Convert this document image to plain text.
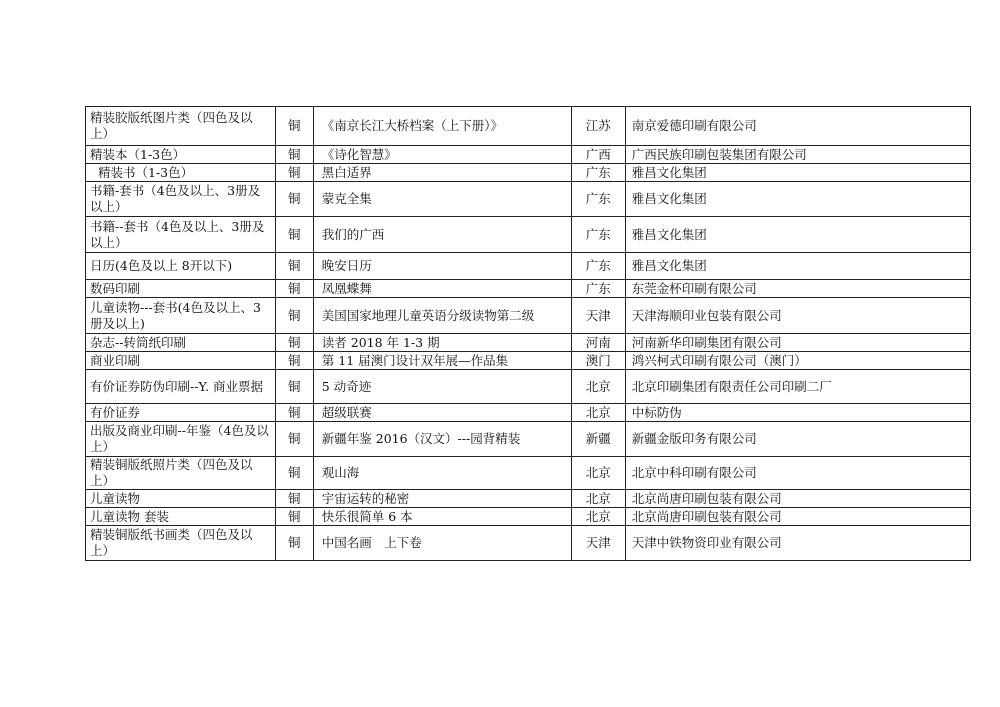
精装胶版纸图片类（四色及以上）	铜	《南京长江大桥档案（上下册）》	江苏	南京爱德印刷有限公司
精装本（1-3色）	铜	《诗化智慧》	广西	广西民族印刷包装集团有限公司
精装书（1-3色）	铜	黑白适界	广东	雅昌文化集团
书籍-套书（4色及以上、3册及以上）	铜	蒙克全集	广东	雅昌文化集团
书籍--套书（4色及以上、3册及以上）	铜	我们的广西	广东	雅昌文化集团
日历(4色及以上 8开以下)	铜	晚安日历	广东	雅昌文化集团
数码印刷	铜	凤凰蝶舞	广东	东莞金杯印刷有限公司
儿童读物---套书(4色及以上、3册及以上)	铜	美国国家地理儿童英语分级读物第二级	天津	天津海顺印业包装有限公司
杂志--转筒纸印刷	铜	读者 2018 年 1-3 期	河南	河南新华印刷集团有限公司
商业印刷	铜	第 11 届澳门设计双年展—作品集	澳门	鸿兴柯式印刷有限公司（澳门）
有价证券防伪印刷--Y. 商业票据	铜	5 动奇迹	北京	北京印刷集团有限责任公司印刷二厂
有价证券	铜	超级联赛	北京	中标防伪
出版及商业印刷--年鉴（4色及以上）	铜	新疆年鉴 2016（汉文）---园背精装	新疆	新疆金版印务有限公司
精装铜版纸照片类（四色及以上）	铜	观山海	北京	北京中科印刷有限公司
儿童读物	铜	宇宙运转的秘密	北京	北京尚唐印刷包装有限公司
儿童读物 套装	铜	快乐很简单 6 本	北京	北京尚唐印刷包装有限公司
精装铜版纸书画类（四色及以上）	铜	中国名画　上下卷	天津	天津中铁物资印业有限公司
